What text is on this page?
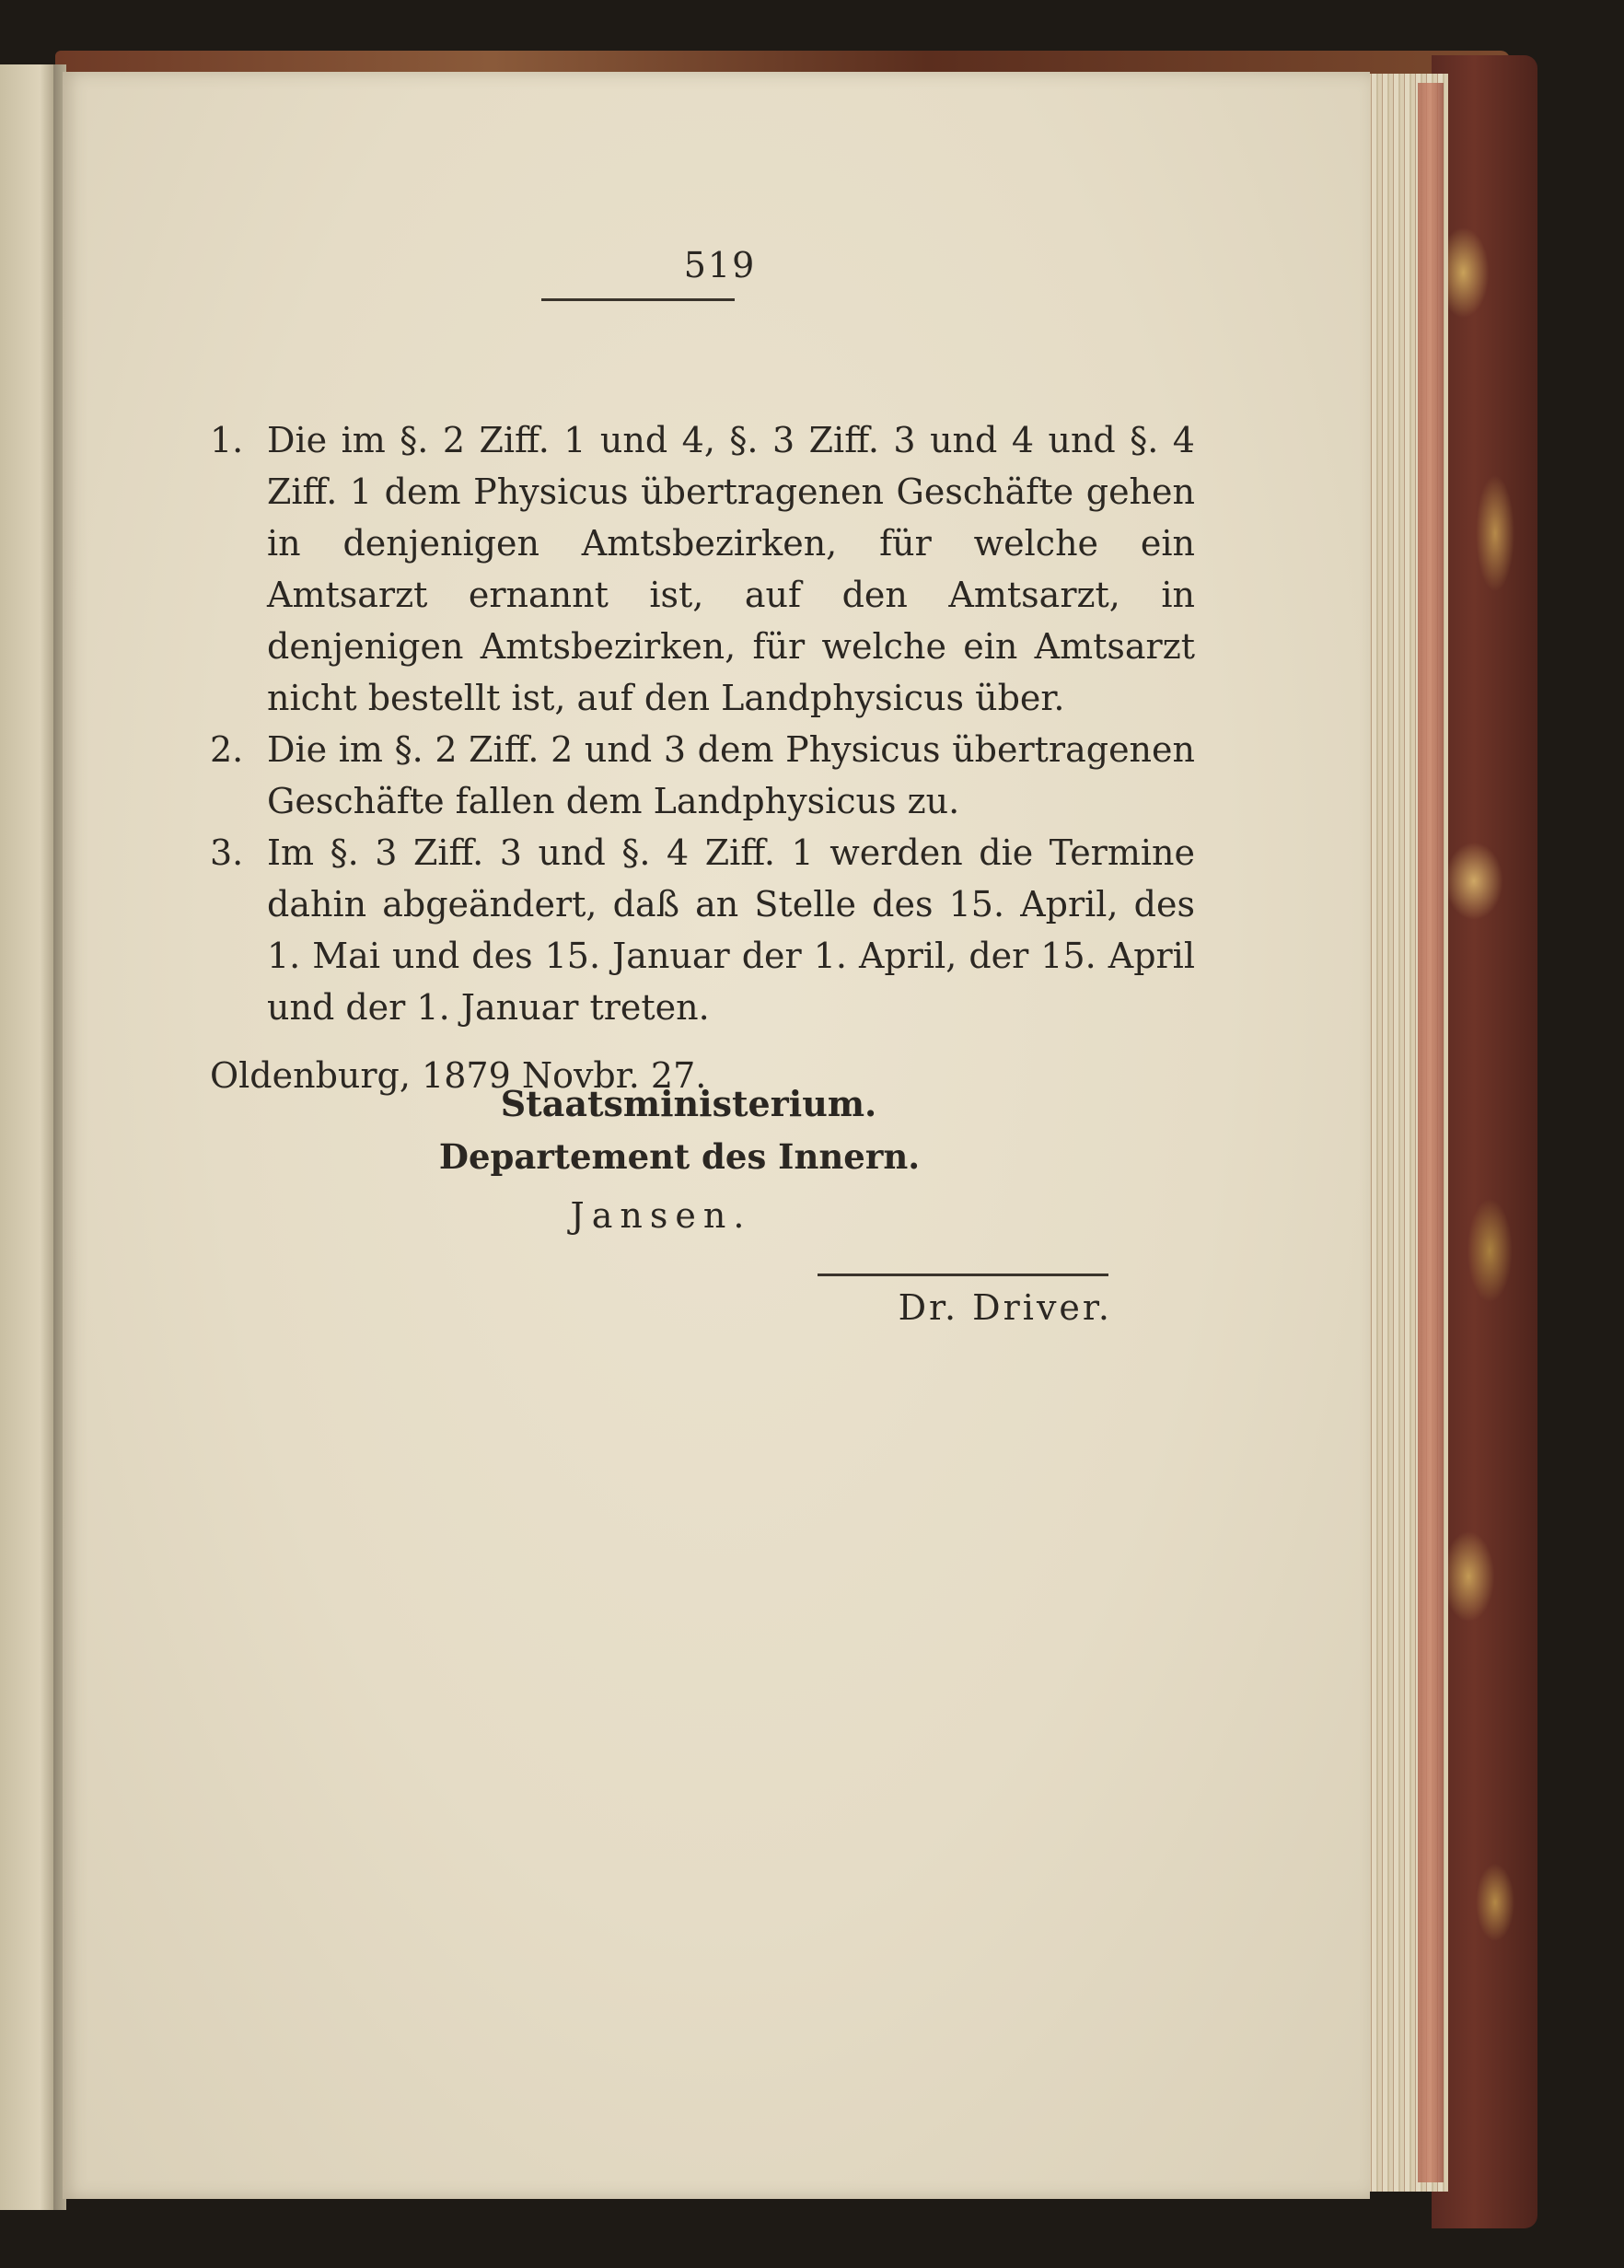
519

1. Die im §. 2 Ziff. 1 und 4, §. 3 Ziff. 3 und 4 und §. 4 Ziff. 1 dem Physicus übertragenen Geschäfte gehen in denjenigen Amtsbezirken, für welche ein Amtsarzt ernannt ist, auf den Amtsarzt, in denjenigen Amtsbezirken, für welche ein Amtsarzt nicht bestellt ist, auf den Landphysicus über.

2. Die im §. 2 Ziff. 2 und 3 dem Physicus übertragenen Geschäfte fallen dem Landphysicus zu.

3. Im §. 3 Ziff. 3 und §. 4 Ziff. 1 werden die Termine dahin abgeändert, daß an Stelle des 15. April, des 1. Mai und des 15. Januar der 1. April, der 15. April und der 1. Januar treten.

Oldenburg, 1879 Novbr. 27.
Staatsministerium.
Departement des Innern.
Jansen.
Dr. Driver.
